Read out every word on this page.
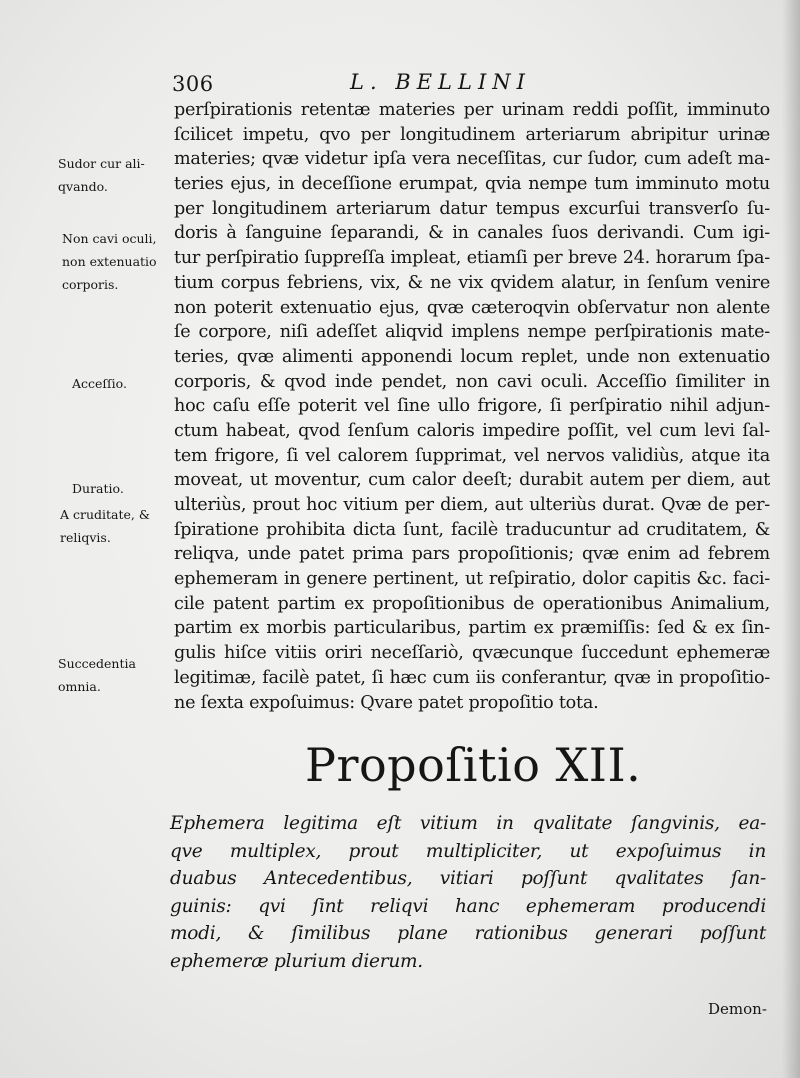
306	L. BELLINI
Sudor cur ali-
qvando.
Non cavi oculi,
non extenuatio
corporis.
Acceſſio.
Duratio.
A cruditate, &
reliqvis.
Succedentia
omnia.
perſpirationis retentæ materies per urinam reddi poſſit, imminuto
ſcilicet impetu, qvo per longitudinem arteriarum abripitur urinæ
materies; qvæ videtur ipſa vera neceſſitas, cur ſudor, cum adeſt ma-
teries ejus, in deceſſione erumpat, qvia nempe tum imminuto motu
per longitudinem arteriarum datur tempus excurſui transverſo ſu-
doris à ſanguine ſeparandi, & in canales ſuos derivandi. Cum igi-
tur perſpiratio ſuppreſſa impleat, etiamſi per breve 24. horarum ſpa-
tium corpus febriens, vix, & ne vix qvidem alatur, in ſenſum venire
non poterit extenuatio ejus, qvæ cæteroqvin obſervatur non alente
ſe corpore, niſi adeſſet aliqvid implens nempe perſpirationis mate-
teries, qvæ alimenti apponendi locum replet, unde non extenuatio
corporis, & qvod inde pendet, non cavi oculi. Acceſſio ſimiliter in
hoc caſu eſſe poterit vel ſine ullo frigore, ſi perſpiratio nihil adjun-
ctum habeat, qvod ſenſum caloris impedire poſſit, vel cum levi ſal-
tem frigore, ſi vel calorem ſupprimat, vel nervos validiùs, atque ita
moveat, ut moventur, cum calor deeſt; durabit autem per diem, aut
ulteriùs, prout hoc vitium per diem, aut ulteriùs durat. Qvæ de per-
ſpiratione prohibita dicta ſunt, facilè traducuntur ad cruditatem, &
reliqva, unde patet prima pars propoſitionis; qvæ enim ad febrem
ephemeram in genere pertinent, ut reſpiratio, dolor capitis &c. faci-
cile patent partim ex propoſitionibus de operationibus Animalium,
partim ex morbis particularibus, partim ex præmiſſis: ſed & ex ſin-
gulis hiſce vitiis oriri neceſſariò, qvæcunque ſuccedunt ephemeræ
legitimæ, facilè patet, ſi hæc cum iis conferantur, qvæ in propoſitio-
ne ſexta expoſuimus: Qvare patet propoſitio tota.
Propoſitio XII.
Ephemera legitima eſt vitium in qvalitate ſangvinis, ea-
qve multiplex, prout multipliciter, ut expoſuimus in
duabus Antecedentibus, vitiari poſſunt qvalitates ſan-
guinis: qvi ſint reliqvi hanc ephemeram producendi
modi, & ſimilibus plane rationibus generari poſſunt
ephemeræ plurium dierum.
Demon-
